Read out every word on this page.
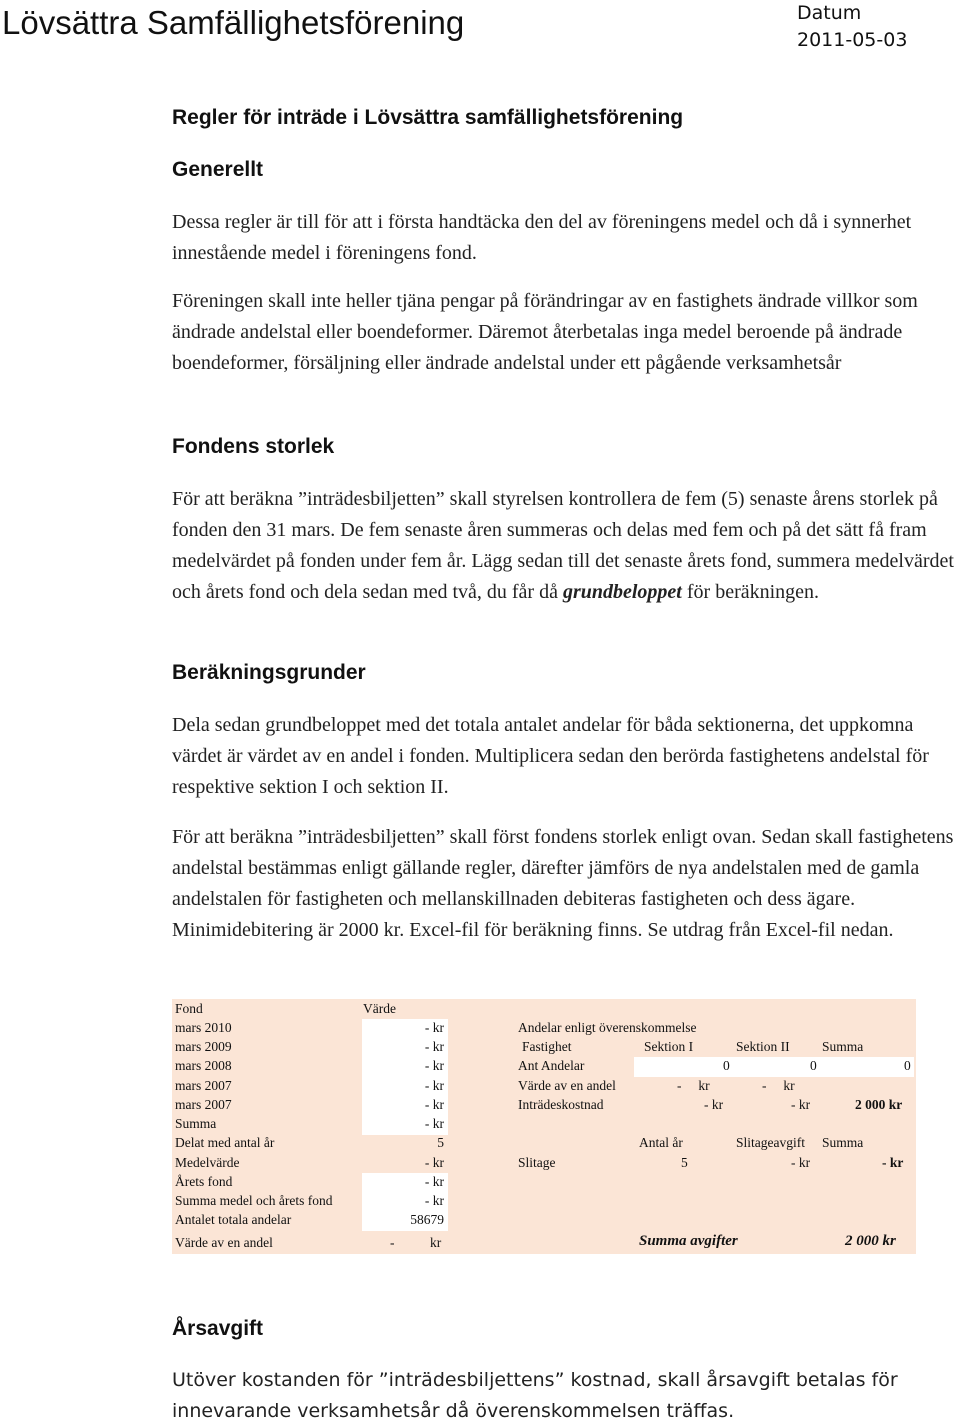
Lövsättra Samfällighetsförening	Datum
2011-05-03
Regler för inträde i Lövsättra samfällighetsförening
Generellt

Dessa regler är till för att i första handtäcka den del av föreningens medel och då i synnerhet innestående medel i föreningens fond.

Föreningen skall inte heller tjäna pengar på förändringar av en fastighets ändrade villkor som ändrade andelstal eller boendeformer. Däremot återbetalas inga medel beroende på ändrade boendeformer, försäljning eller ändrade andelstal under ett pågående verksamhetsår

Fondens storlek

För att beräkna ”inträdesbiljetten” skall styrelsen kontrollera de fem (5) senaste årens storlek på fonden den 31 mars. De fem senaste åren summeras och delas med fem och på det sätt få fram medelvärdet på fonden under fem år. Lägg sedan till det senaste årets fond, summera medelvärdet och årets fond och dela sedan med två, du får då grundbeloppet för beräkningen.

Beräkningsgrunder

Dela sedan grundbeloppet med det totala antalet andelar för båda sektionerna, det uppkomna värdet är värdet av en andel i fonden. Multiplicera sedan den berörda fastighetens andelstal för respektive sektion I och sektion II.

För att beräkna ”inträdesbiljetten” skall först fondens storlek enligt ovan. Sedan skall fastighetens andelstal bestämmas enligt gällande regler, därefter jämförs de nya andelstalen med de gamla andelstalen för fastigheten och mellanskillnaden debiteras fastigheten och dess ägare. Minimidebitering är 2000 kr. Excel-fil för beräkning finns. Se utdrag från Excel-fil nedan.

Årsavgift

Utöver kostanden för ”inträdesbiljettens” kostnad, skall årsavgift betalas för innevarande verksamhetsår då överenskommelsen träffas.

Fond	Värde
mars 2010	- kr
mars 2009	- kr
mars 2008	- kr
mars 2007	- kr
mars 2007	- kr
Summa	- kr
Delat med antal år	5
Medelvärde	- kr
Årets fond	- kr
Summa medel och årets fond	- kr
Antalet totala andelar	58679
Värde av en andel	-	kr
Andelar enligt överenskommelse
Fastighet	Sektion I	Sektion II Summa
Ant Andelar	0	0	0
Värde av en andel	-     kr	-     kr
Inträdeskostnad	- kr	- kr	2 000 kr
Antal år	Slitageavgift Summa
Slitage	5	- kr	- kr
Summa avgifter	2 000 kr
